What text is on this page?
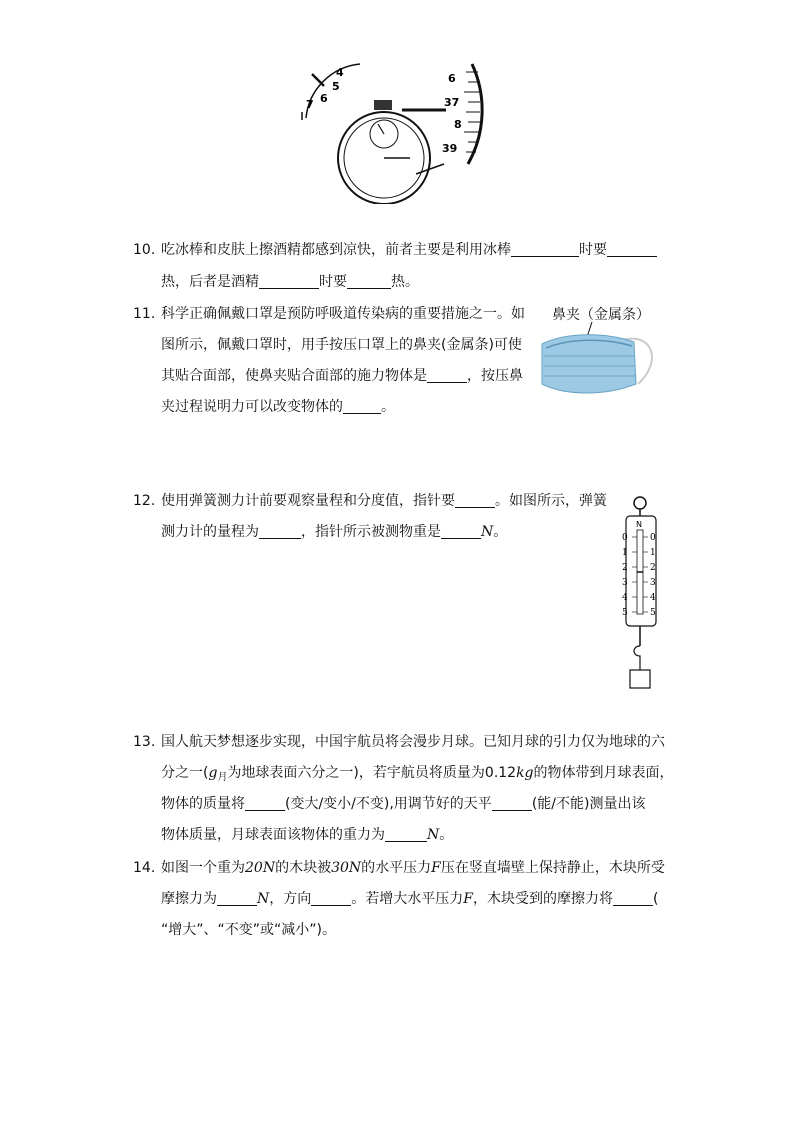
4
5
6
7
6
37
8
39
10. 吃冰棒和皮肤上擦酒精都感到凉快，前者主要是利用冰棒	时要
热，后者是酒精	时要	热。
11. 科学正确佩戴口罩是预防呼吸道传染病的重要措施之一。如
图所示，佩戴口罩时，用手按压口罩上的鼻夹(金属条)可使
其贴合面部，使鼻夹贴合面部的施力物体是	，按压鼻
夹过程说明力可以改变物体的	。
鼻夹（金属条）
12. 使用弹簧测力计前要观察量程和分度值，指针要	。如图所示，弹簧
测力计的量程为	，指针所示被测物重是	N。	N
0
1
2
3
4
5
0
1
2
3
4
5
13. 国人航天梦想逐步实现，中国宇航员将会漫步月球。已知月球的引力仅为地球的六
分之一($g_月$为地球表面六分之一)，若宇航员将质量为0.12kg的物体带到月球表面，
物体的质量将	(变大/变小/不变),用调节好的天平	(能/不能)测量出该
物体质量，月球表面该物体的重力为	N。
14. 如图一个重为20N的木块被30N的水平压力F压在竖直墙壁上保持静止，木块所受
摩擦力为	N，方向	。若增大水平压力F，木块受到的摩擦力将	(
“增大”、“不变”或“减小”)。
